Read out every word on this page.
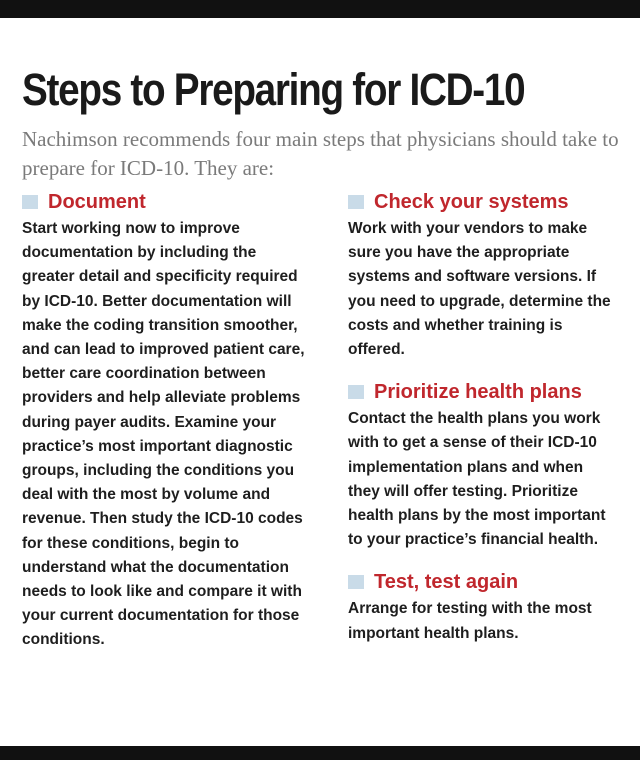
Steps to Preparing for ICD-10

Nachimson recommends four main steps that physicians should take to prepare for ICD-10. They are:

Document

Start working now to improve documentation by including the greater detail and specificity required by ICD-10. Better documentation will make the coding transition smoother, and can lead to improved patient care, better care coordination between providers and help alleviate problems during payer audits. Examine your practice’s most important diagnostic groups, including the conditions you deal with the most by volume and revenue. Then study the ICD-10 codes for these conditions, begin to understand what the documentation needs to look like and compare it with your current documentation for those conditions.

Check your systems

Work with your vendors to make sure you have the appropriate systems and software versions. If you need to upgrade, determine the costs and whether training is offered.

Prioritize health plans

Contact the health plans you work with to get a sense of their ICD-10 implementation plans and when they will offer testing. Prioritize health plans by the most important to your practice’s financial health.

Test, test again

Arrange for testing with the most important health plans.
